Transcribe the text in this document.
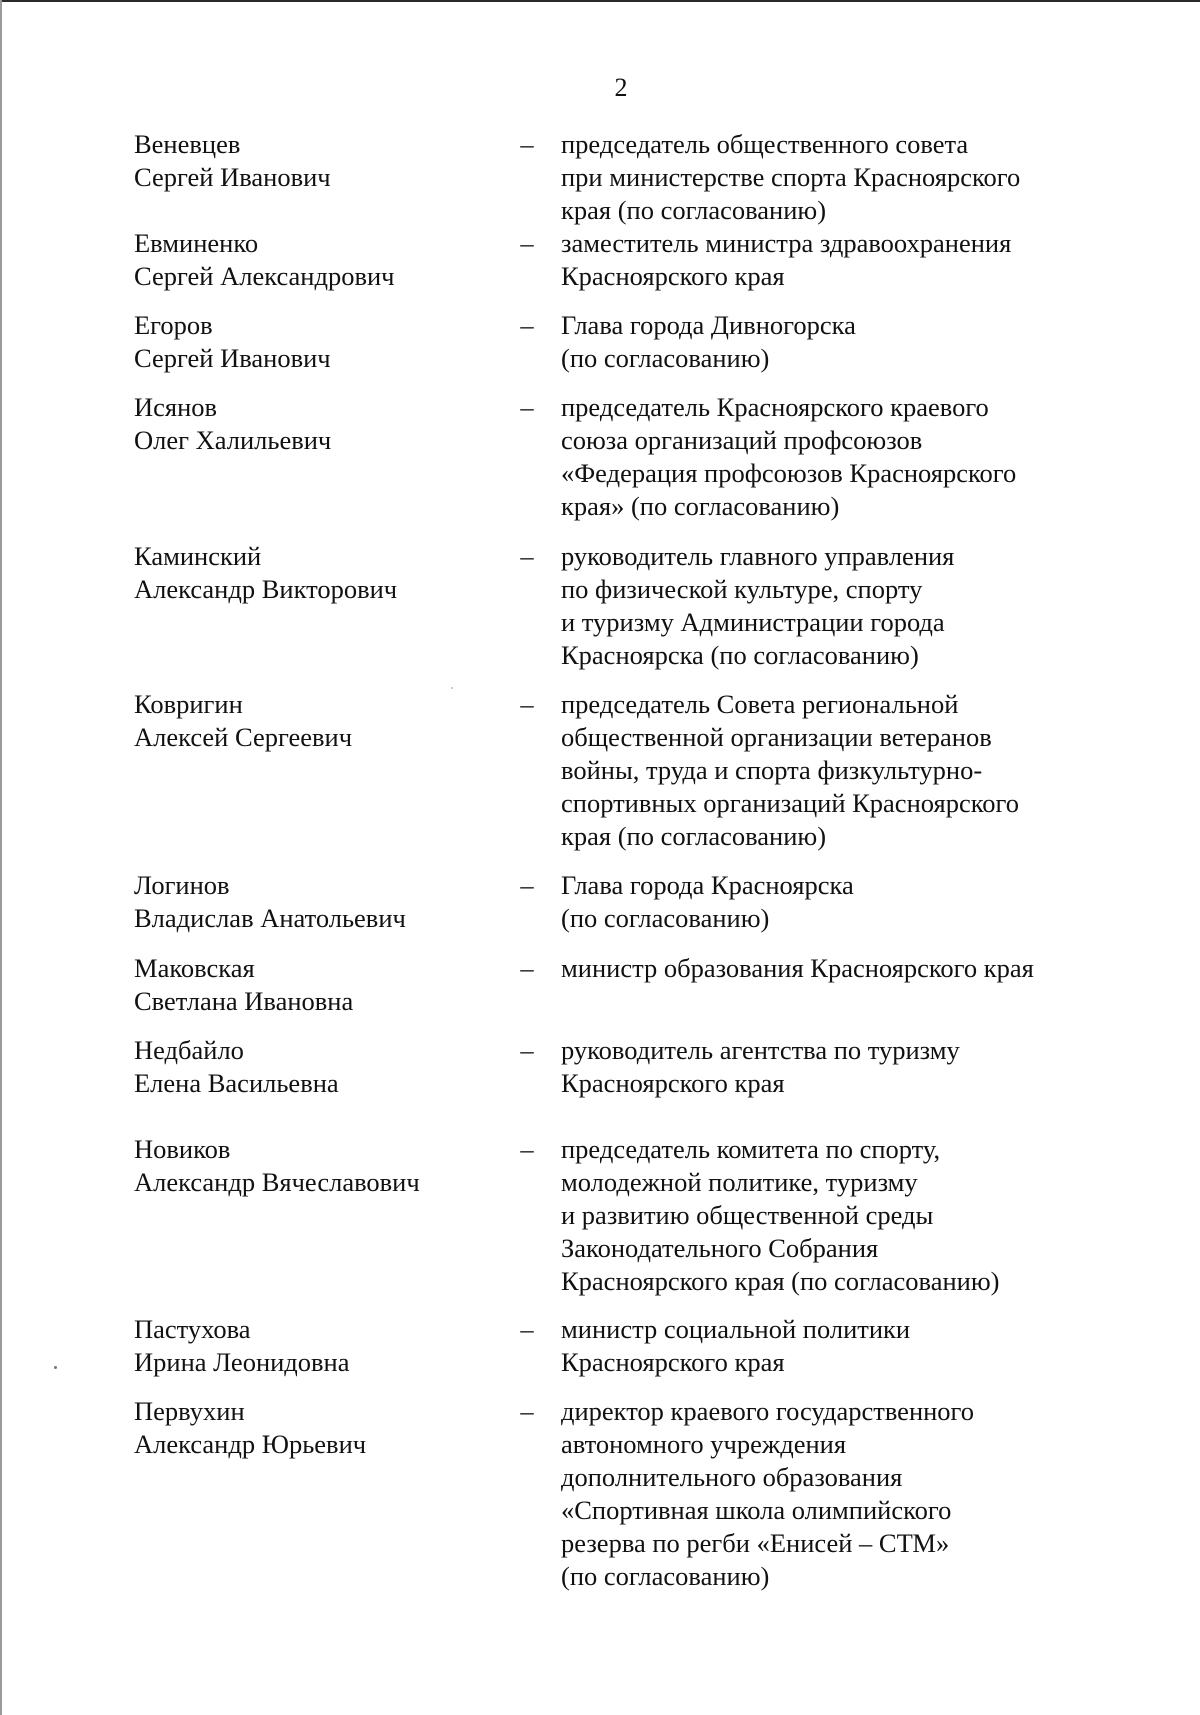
2
Веневцев
Сергей Иванович
– председатель общественного совета
при министерстве спорта Красноярского
края (по согласованию)
Евминенко
Сергей Александрович
– заместитель министра здравоохранения
Красноярского края
Егоров
Сергей Иванович
– Глава города Дивногорска
(по согласованию)
Исянов
Олег Халильевич
– председатель Красноярского краевого
союза организаций профсоюзов
«Федерация профсоюзов Красноярского
края» (по согласованию)
Каминский
Александр Викторович
– руководитель главного управления
по физической культуре, спорту
и туризму Администрации города
Красноярска (по согласованию)
Ковригин
Алексей Сергеевич
– председатель Совета региональной
общественной организации ветеранов
войны, труда и спорта физкультурно-
спортивных организаций Красноярского
края (по согласованию)
Логинов
Владислав Анатольевич
– Глава города Красноярска
(по согласованию)
Маковская
Светлана Ивановна
– министр образования Красноярского края
Недбайло
Елена Васильевна
– руководитель агентства по туризму
Красноярского края
Новиков
Александр Вячеславович
– председатель комитета по спорту,
молодежной политике, туризму
и развитию общественной среды
Законодательного Собрания
Красноярского края (по согласованию)
Пастухова
Ирина Леонидовна
– министр социальной политики
Красноярского края
Первухин
Александр Юрьевич
– директор краевого государственного
автономного учреждения
дополнительного образования
«Спортивная школа олимпийского
резерва по регби «Енисей – СТМ»
(по согласованию)
